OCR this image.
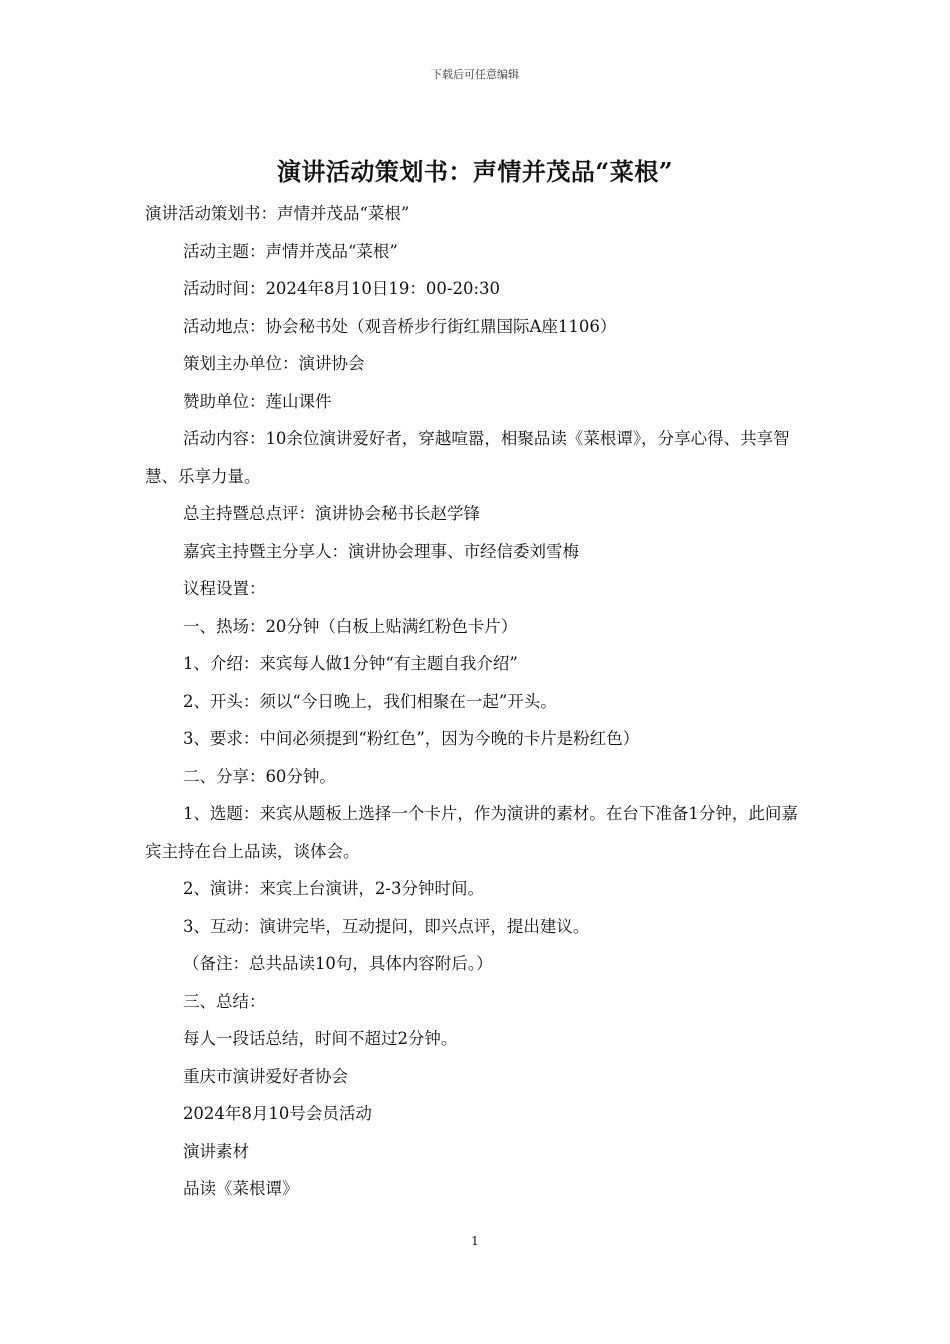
下载后可任意编辑
演讲活动策划书：声情并茂品“菜根”

演讲活动策划书：声情并茂品“菜根”

活动主题：声情并茂品“菜根”

活动时间：2024年8月10日19：00-20:30

活动地点：协会秘书处（观音桥步行街红鼎国际A座1106）

策划主办单位：演讲协会

赞助单位：莲山课件

活动内容：10余位演讲爱好者，穿越喧嚣，相聚品读《菜根谭》，分享心得、共享智慧、乐享力量。

总主持暨总点评：演讲协会秘书长赵学锋

嘉宾主持暨主分享人：演讲协会理事、市经信委刘雪梅

议程设置：

一、热场：20分钟（白板上贴满红粉色卡片）

1、介绍：来宾每人做1分钟“有主题自我介绍”

2、开头：须以“今日晚上，我们相聚在一起”开头。

3、要求：中间必须提到“粉红色”，因为今晚的卡片是粉红色）

二、分享：60分钟。

1、选题：来宾从题板上选择一个卡片，作为演讲的素材。在台下准备1分钟，此间嘉宾主持在台上品读，谈体会。

2、演讲：来宾上台演讲，2-3分钟时间。

3、互动：演讲完毕，互动提问，即兴点评，提出建议。

（备注：总共品读10句，具体内容附后。）

三、总结：

每人一段话总结，时间不超过2分钟。

重庆市演讲爱好者协会

2024年8月10号会员活动

演讲素材

品读《菜根谭》

1
